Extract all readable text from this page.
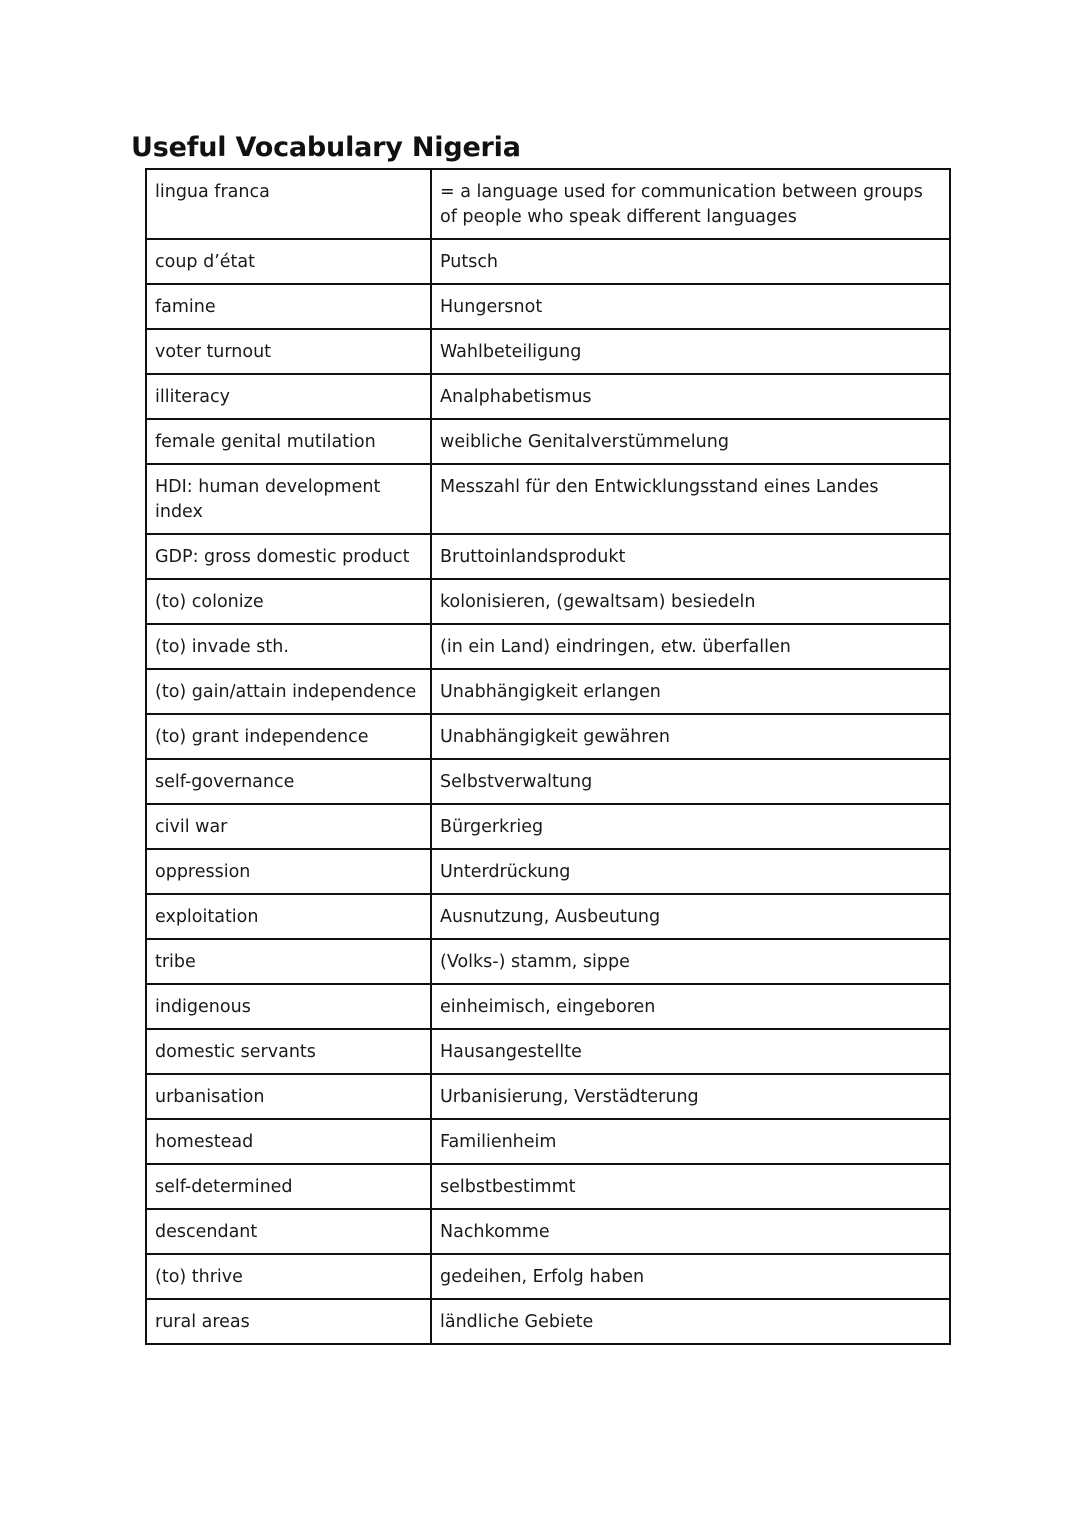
Useful Vocabulary Nigeria
lingua franca	= a language used for communication between groups of people who speak different languages
coup d’état	Putsch
famine	Hungersnot
voter turnout	Wahlbeteiligung
illiteracy	Analphabetismus
female genital mutilation	weibliche Genitalverstümmelung
HDI: human development index	Messzahl für den Entwicklungsstand eines Landes
GDP: gross domestic product	Bruttoinlandsprodukt
(to) colonize	kolonisieren, (gewaltsam) besiedeln
(to) invade sth.	(in ein Land) eindringen, etw. überfallen
(to) gain/attain independence	Unabhängigkeit erlangen
(to) grant independence	Unabhängigkeit gewähren
self-governance	Selbstverwaltung
civil war	Bürgerkrieg
oppression	Unterdrückung
exploitation	Ausnutzung, Ausbeutung
tribe	(Volks-) stamm, sippe
indigenous	einheimisch, eingeboren
domestic servants	Hausangestellte
urbanisation	Urbanisierung, Verstädterung
homestead	Familienheim
self-determined	selbstbestimmt
descendant	Nachkomme
(to) thrive	gedeihen, Erfolg haben
rural areas	ländliche Gebiete
